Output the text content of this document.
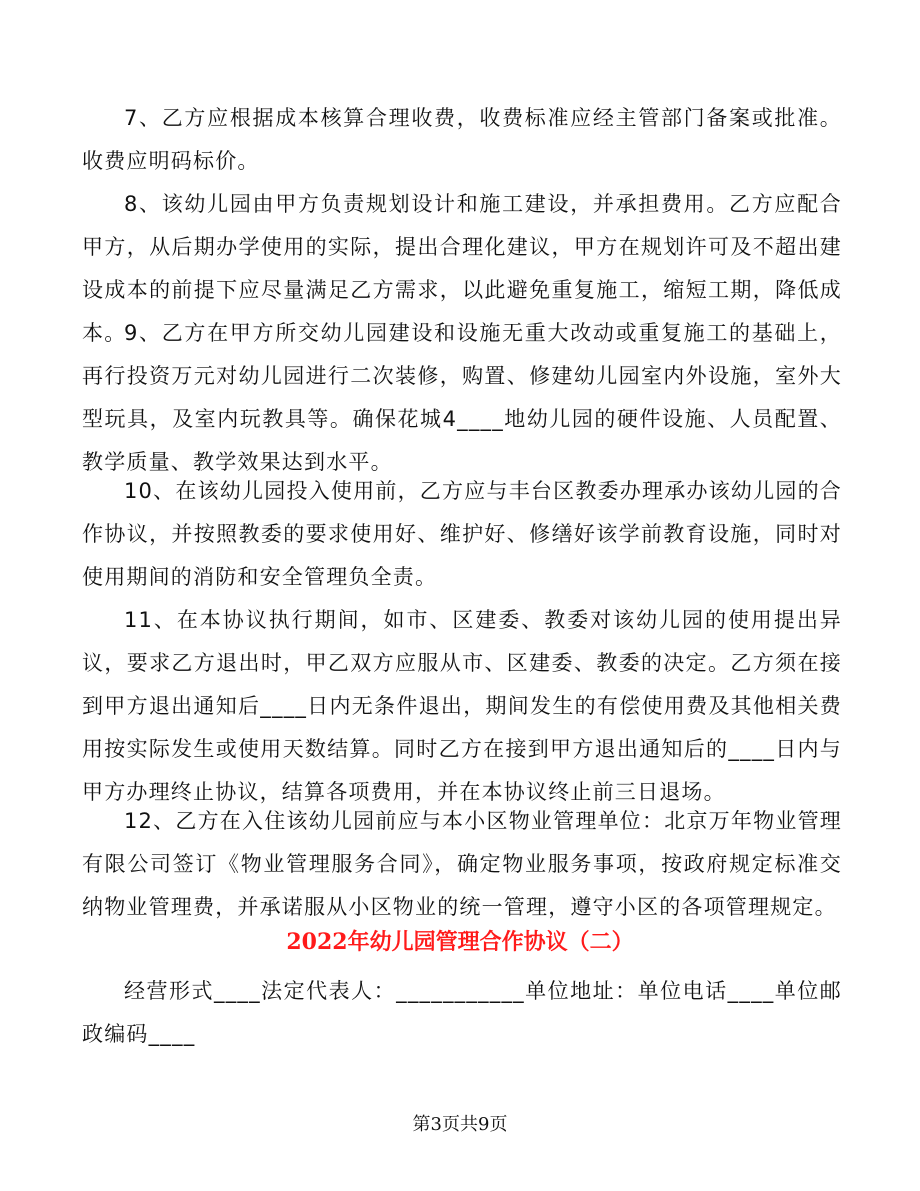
7、乙方应根据成本核算合理收费，收费标准应经主管部门备案或批准。收费应明码标价。

8、该幼儿园由甲方负责规划设计和施工建设，并承担费用。乙方应配合甲方，从后期办学使用的实际，提出合理化建议，甲方在规划许可及不超出建设成本的前提下应尽量满足乙方需求，以此避免重复施工，缩短工期，降低成本。

9、乙方在甲方所交幼儿园建设和设施无重大改动或重复施工的基础上，再行投资万元对幼儿园进行二次装修，购置、修建幼儿园室内外设施，室外大型玩具，及室内玩教具等。确保花城4____地幼儿园的硬件设施、人员配置、教学质量、教学效果达到水平。

10、在该幼儿园投入使用前，乙方应与丰台区教委办理承办该幼儿园的合作协议，并按照教委的要求使用好、维护好、修缮好该学前教育设施，同时对使用期间的消防和安全管理负全责。

11、在本协议执行期间，如市、区建委、教委对该幼儿园的使用提出异议，要求乙方退出时，甲乙双方应服从市、区建委、教委的决定。乙方须在接到甲方退出通知后____日内无条件退出，期间发生的有偿使用费及其他相关费用按实际发生或使用天数结算。同时乙方在接到甲方退出通知后的____日内与甲方办理终止协议，结算各项费用，并在本协议终止前三日退场。

12、乙方在入住该幼儿园前应与本小区物业管理单位：北京万年物业管理有限公司签订《物业管理服务合同》，确定物业服务事项，按政府规定标准交纳物业管理费，并承诺服从小区物业的统一管理，遵守小区的各项管理规定。

2022年幼儿园管理合作协议（二）

经营形式____法定代表人：___________单位地址：单位电话____单位邮政编码____

第3页共9页
